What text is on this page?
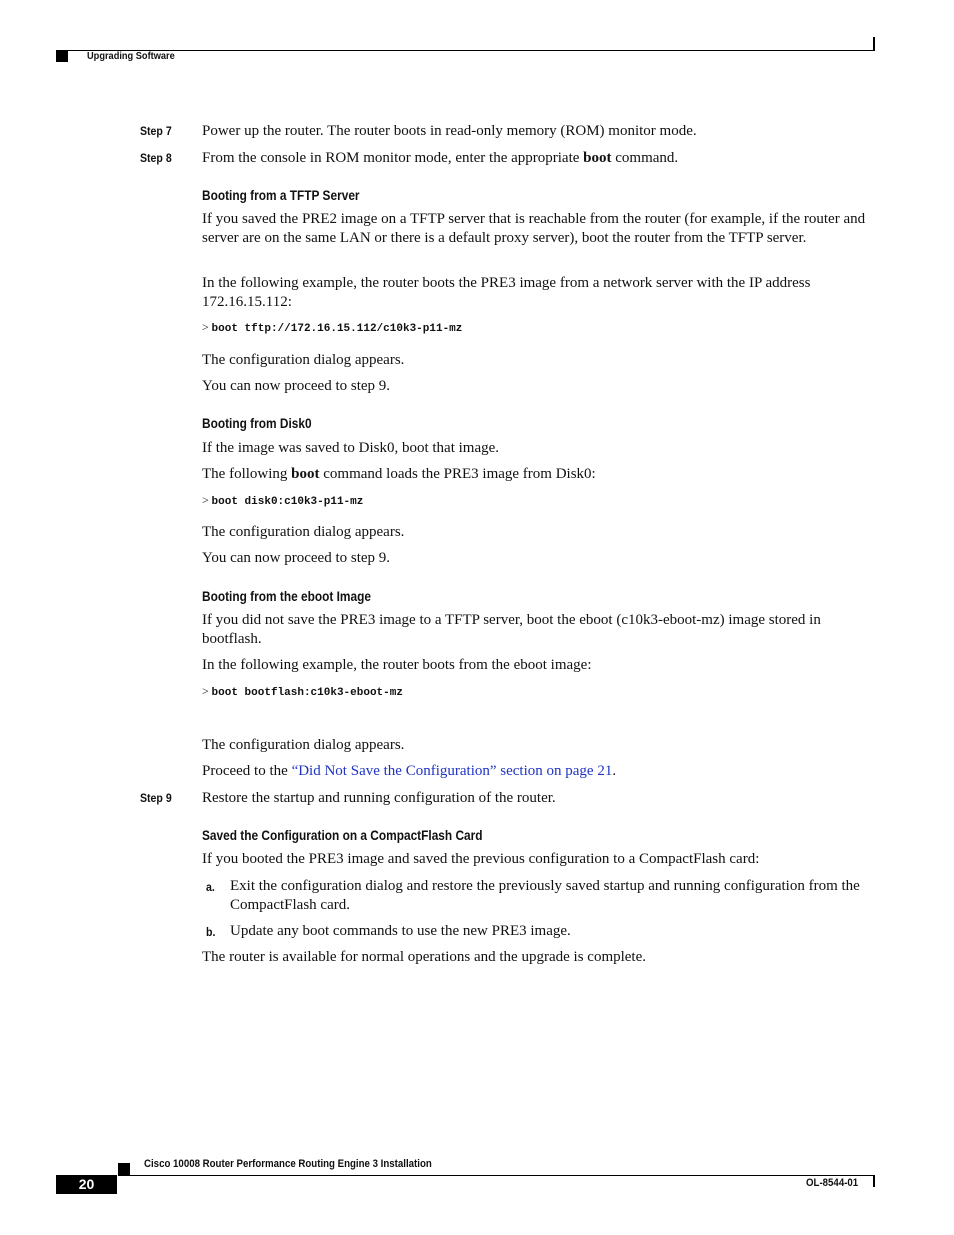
Upgrading Software
Step 7 Power up the router. The router boots in read-only memory (ROM) monitor mode.
Step 8 From the console in ROM monitor mode, enter the appropriate boot command.
Booting from a TFTP Server
If you saved the PRE2 image on a TFTP server that is reachable from the router (for example, if the router and server are on the same LAN or there is a default proxy server), boot the router from the TFTP server.
In the following example, the router boots the PRE3 image from a network server with the IP address 172.16.15.112:
> boot tftp://172.16.15.112/c10k3-p11-mz
The configuration dialog appears.
You can now proceed to step 9.
Booting from Disk0
If the image was saved to Disk0, boot that image.
The following boot command loads the PRE3 image from Disk0:
> boot disk0:c10k3-p11-mz
The configuration dialog appears.
You can now proceed to step 9.
Booting from the eboot Image
If you did not save the PRE3 image to a TFTP server, boot the eboot (c10k3-eboot-mz) image stored in bootflash.
In the following example, the router boots from the eboot image:
> boot bootflash:c10k3-eboot-mz
The configuration dialog appears.
Proceed to the “Did Not Save the Configuration” section on page 21.
Step 9 Restore the startup and running configuration of the router.
Saved the Configuration on a CompactFlash Card
If you booted the PRE3 image and saved the previous configuration to a CompactFlash card:
a. Exit the configuration dialog and restore the previously saved startup and running configuration from the CompactFlash card.
b. Update any boot commands to use the new PRE3 image.
The router is available for normal operations and the upgrade is complete.
Cisco 10008 Router Performance Routing Engine 3 Installation
20	OL-8544-01
